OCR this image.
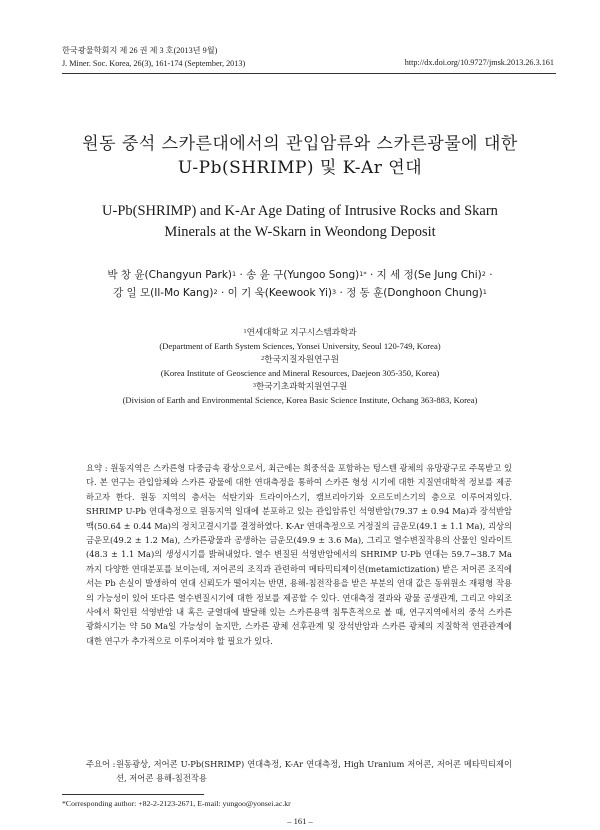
한국광물학회지 제 26 권 제 3 호(2013년 9월)
J. Miner. Soc. Korea, 26(3), 161-174 (September, 2013)	http://dx.doi.org/10.9727/jmsk.2013.26.3.161
원동 중석 스카른대에서의 관입암류와 스카른광물에 대한
U-Pb(SHRIMP) 및 K-Ar 연대
U-Pb(SHRIMP) and K-Ar Age Dating of Intrusive Rocks and Skarn
Minerals at the W-Skarn in Weondong Deposit
박 창 윤(Changyun Park)$^1$ · 송 윤 구(Yungoo Song)$^{1*}$ · 지 세 정(Se Jung Chi)$^2$ ·
강 일 모(Il-Mo Kang)$^2$ · 이 기 욱(Keewook Yi)$^3$ · 정 동 훈(Donghoon Chung)$^1$
$^1$연세대학교 지구시스템과학과
(Department of Earth System Sciences, Yonsei University, Seoul 120-749, Korea)
$^2$한국지질자원연구원
(Korea Institute of Geoscience and Mineral Resources, Daejeon 305-350, Korea)
$^3$한국기초과학지원연구원
(Division of Earth and Environmental Science, Korea Basic Science Institute, Ochang 363-883, Korea)
요약 : 원동지역은 스카른형 다중금속 광상으로서, 최근에는 희중석을 포함하는 텅스텐 광체의 유망광구로 주목받고 있다. 본 연구는 관입암체와 스카른 광물에 대한 연대측정을 통하여 스카른 형성 시기에 대한 지질연대학적 정보를 제공하고자 한다. 원동 지역의 층서는 석탄기와 트라이아스기, 캠브리아기와 오르도비스기의 층으로 이루어져있다. SHRIMP U-Pb 연대측정으로 원동지역 일대에 분포하고 있는 관입암류인 석영반암(79.37 ± 0.94 Ma)과 장석반암맥(50.64 ± 0.44 Ma)의 정치고결시기를 결정하였다. K-Ar 연대측정으로 거정질의 금운모(49.1 ± 1.1 Ma), 괴상의 금운모(49.2 ± 1.2 Ma), 스카른광물과 공생하는 금운모(49.9 ± 3.6 Ma), 그리고 열수변질작용의 산물인 일라이트(48.3 ± 1.1 Ma)의 생성시기를 밝혀내었다. 열수 변질된 석영반암에서의 SHRIMP U-Pb 연대는 59.7~38.7 Ma까지 다양한 연대분포를 보이는데, 저어콘의 조직과 관련하여 메타믹티제이션(metamictization) 받은 저어콘 조직에서는 Pb 손실이 발생하여 연대 신뢰도가 떨어지는 반면, 용해-침전작용을 받은 부분의 연대 값은 동위원소 재평형 작용의 가능성이 있어 또다른 열수변질시기에 대한 정보를 제공할 수 있다. 연대측정 결과와 광물 공생관계, 그리고 야외조사에서 확인된 석영반암 내 혹은 균열대에 발달해 있는 스카른용액 침투흔적으로 볼 때, 연구지역에서의 중석 스카른 광화시기는 약 50 Ma일 가능성이 높지만, 스카른 광체 선후관계 및 장석반암과 스카른 광체의 지질학적 연관관계에 대한 연구가 추가적으로 이루어져야 할 필요가 있다.
주요어 : 원동광상, 저어콘 U-Pb(SHRIMP) 연대측정, K-Ar 연대측정, High Uranium 저어콘, 저어콘 메타믹티제이션, 저어콘 용해-침전작용
*Corresponding author: +82-2-2123-2671, E-mail: yungoo@yonsei.ac.kr
– 161 –
